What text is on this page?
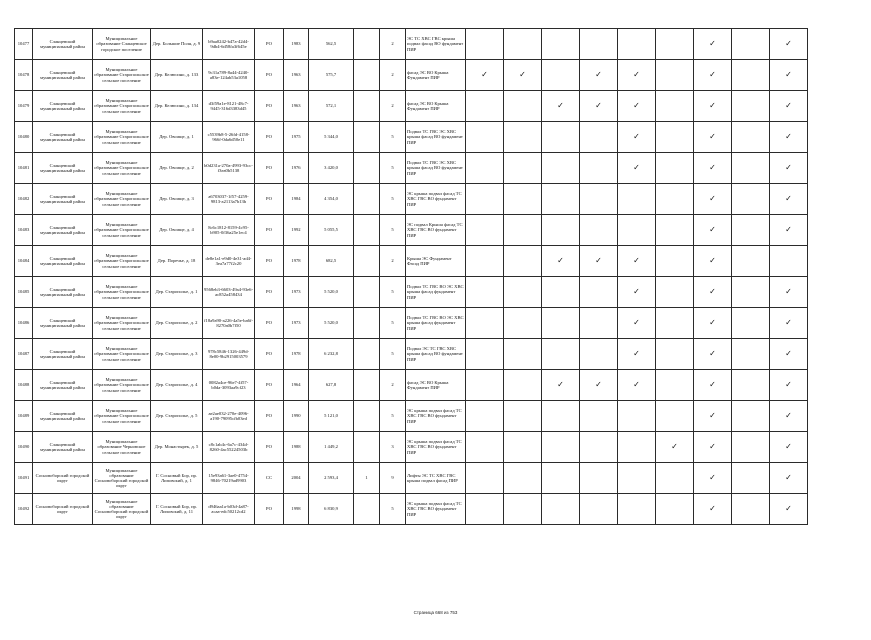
10477	Сланцевский муниципальный район	Муниципальное образование Сланцевское городское поселение	Дер. Большие Поля, д. 9	b9aa0242-b47a-42d4-9db4-6d58fa3f645e	РО	1983	562,5		2	ЭС ТС ХВС ГВС крыша подвал фасад ВО фундамент ПИР							✓		✓
10478	Сланцевский муниципальный район	Муниципальное образование Старопольское сельское поселение	Дер. Келюсино, д. 133	9c31a789-8a44-4240-a83e-124ab53a1058	РО	1963	575,7		2	фасад ЭС ВО Крыша Фундамент ПИР	✓	✓		✓	✓		✓		✓
10479	Сланцевский муниципальный район	Муниципальное образование Старопольское сельское поселение	Дер. Келюсино, д. 134	d3f59a1e-8121-48c7-9445-316d3383d45	РО	1963	572,1		2	фасад ЭС ВО Крыша Фундамент ПИР			✓	✓	✓		✓		✓
10480	Сланцевский муниципальный район	Муниципальное образование Старопольское сельское поселение	Дер. Овсище, д. 1	c5539b8-5-26fd-4158-966f-0da6d50e11	РО	1975	5 344,0		5	Подвал ТС ГВС ЭС ХВС крыша фасад ВО фундамент ПИР					✓		✓		✓
10481	Сланцевский муниципальный район	Муниципальное образование Старопольское сельское поселение	Дер. Овсище, д. 2	b0d231a-270a-4993-93cc-f3ea0b5138	РО	1976	3 420,0		5	Подвал ТС ГВС ЭС ХВС крыша фасад ВО фундамент ПИР					✓		✓		✓
10482	Сланцевский муниципальный район	Муниципальное образование Старопольское сельское поселение	Дер. Овсище, д. 3	a6703037-1f57-4259-9813-a2113a7b13b	РО	1984	4 354,0		5	ЭС крыша подвал фасад ТС ХВС ГВС ВО фундамент ПИР							✓		✓
10483	Сланцевский муниципальный район	Муниципальное образование Старопольское сельское поселение	Дер. Овсище, д. 4	8c6c1812-8159-4c95-b905-0f36a25e1ec4	РО	1992	5 055,5		5	ЭС подвал Крыша фасад ТС ХВС ГВС ВО фундамент ПИР							✓		✓
10484	Сланцевский муниципальный район	Муниципальное образование Старопольское сельское поселение	Дер. Поречье, д. 18	de8e1a1-e9d0-4e31-ad4-3ea7a77f2c20	РО	1978	682,5		2	Крыша ЭС Фундамент Фасад ПИР			✓	✓	✓		✓		
10485	Сланцевский муниципальный район	Муниципальное образование Старопольское сельское поселение	Дер. Старополье, д. 1	9568eb3-6603-49a4-93e6-ac852a458434	РО	1973	5 520,0		5	Подвал ТС ГВС ВО ЭС ХВС крыша фасад фундамент ПИР					✓		✓		✓
10486	Сланцевский муниципальный район	Муниципальное образование Старопольское сельское поселение	Дер. Старополье, д. 2	f18a9a90-a226-4a5e-ba6f-8270a0b7f50	РО	1973	5 520,0		5	Подвал ТС ГВС ВО ЭС ХВС крыша фасад фундамент ПИР					✓		✓		✓
10487	Сланцевский муниципальный район	Муниципальное образование Старопольское сельское поселение	Дер. Старополье, д. 3	978c5846-1326-449d-8e00-9b2915003579	РО	1978	6 232,8		5	Подвал ЭС ТС ГВС ХВС крыша фасад ВО фундамент ПИР					✓		✓		✓
10488	Сланцевский муниципальный район	Муниципальное образование Старопольское сельское поселение	Дер. Старополье, д. 4	0082a4ce-96e7-4f57-b0da-3093aa9cf23	РО	1964	627,8		2	фасад ЭС ВО Крыша Фундамент ПИР			✓	✓	✓		✓		✓
10489	Сланцевский муниципальный район	Муниципальное образование Старопольское сельское поселение	Дер. Старополье, д. 5	ae2ae032-270e-4096-a190-79095cfb03ed	РО	1990	5 121,0		5	ЭС крыша подвал фасад ТС ХВС ГВС ВО фундамент ПИР							✓		✓
10490	Сланцевский муниципальный район	Муниципальное образование Черновское сельское поселение	Дер. Монастырек, д. 5	c8c1ab4c-6a7c-434d-8260-4ac55224503b	РО	1988	1 449,2		3	ЭС крыша подвал фасад ТС ХВС ГВС ВО фундамент ПИР						✓	✓		✓
10491	Сосновоборский городской округ	Муниципальное образование Сосновоборский городской округ	Г. Сосновый Бор, пр. Липовский, д. 1	15e93a61-3ae0-4754-9846-70219ad9903	СС	2004	2 593,4	1	9	Лифты ЭС ТС ХВС ГВС крыша подвал фасад ПИР							✓		✓
10492	Сосновоборский городской округ	Муниципальное образование Сосновоборский городской округ	Г. Сосновый Бор, пр. Липовский, д. 11	d946aa1a-b03d-4a87-acaa-edc50212cd2	РО	1998	6 830,9		5	ЭС крыша подвал фасад ТС ХВС ГВС ВО фундамент ПИР							✓		✓
Страница 668 из 753
